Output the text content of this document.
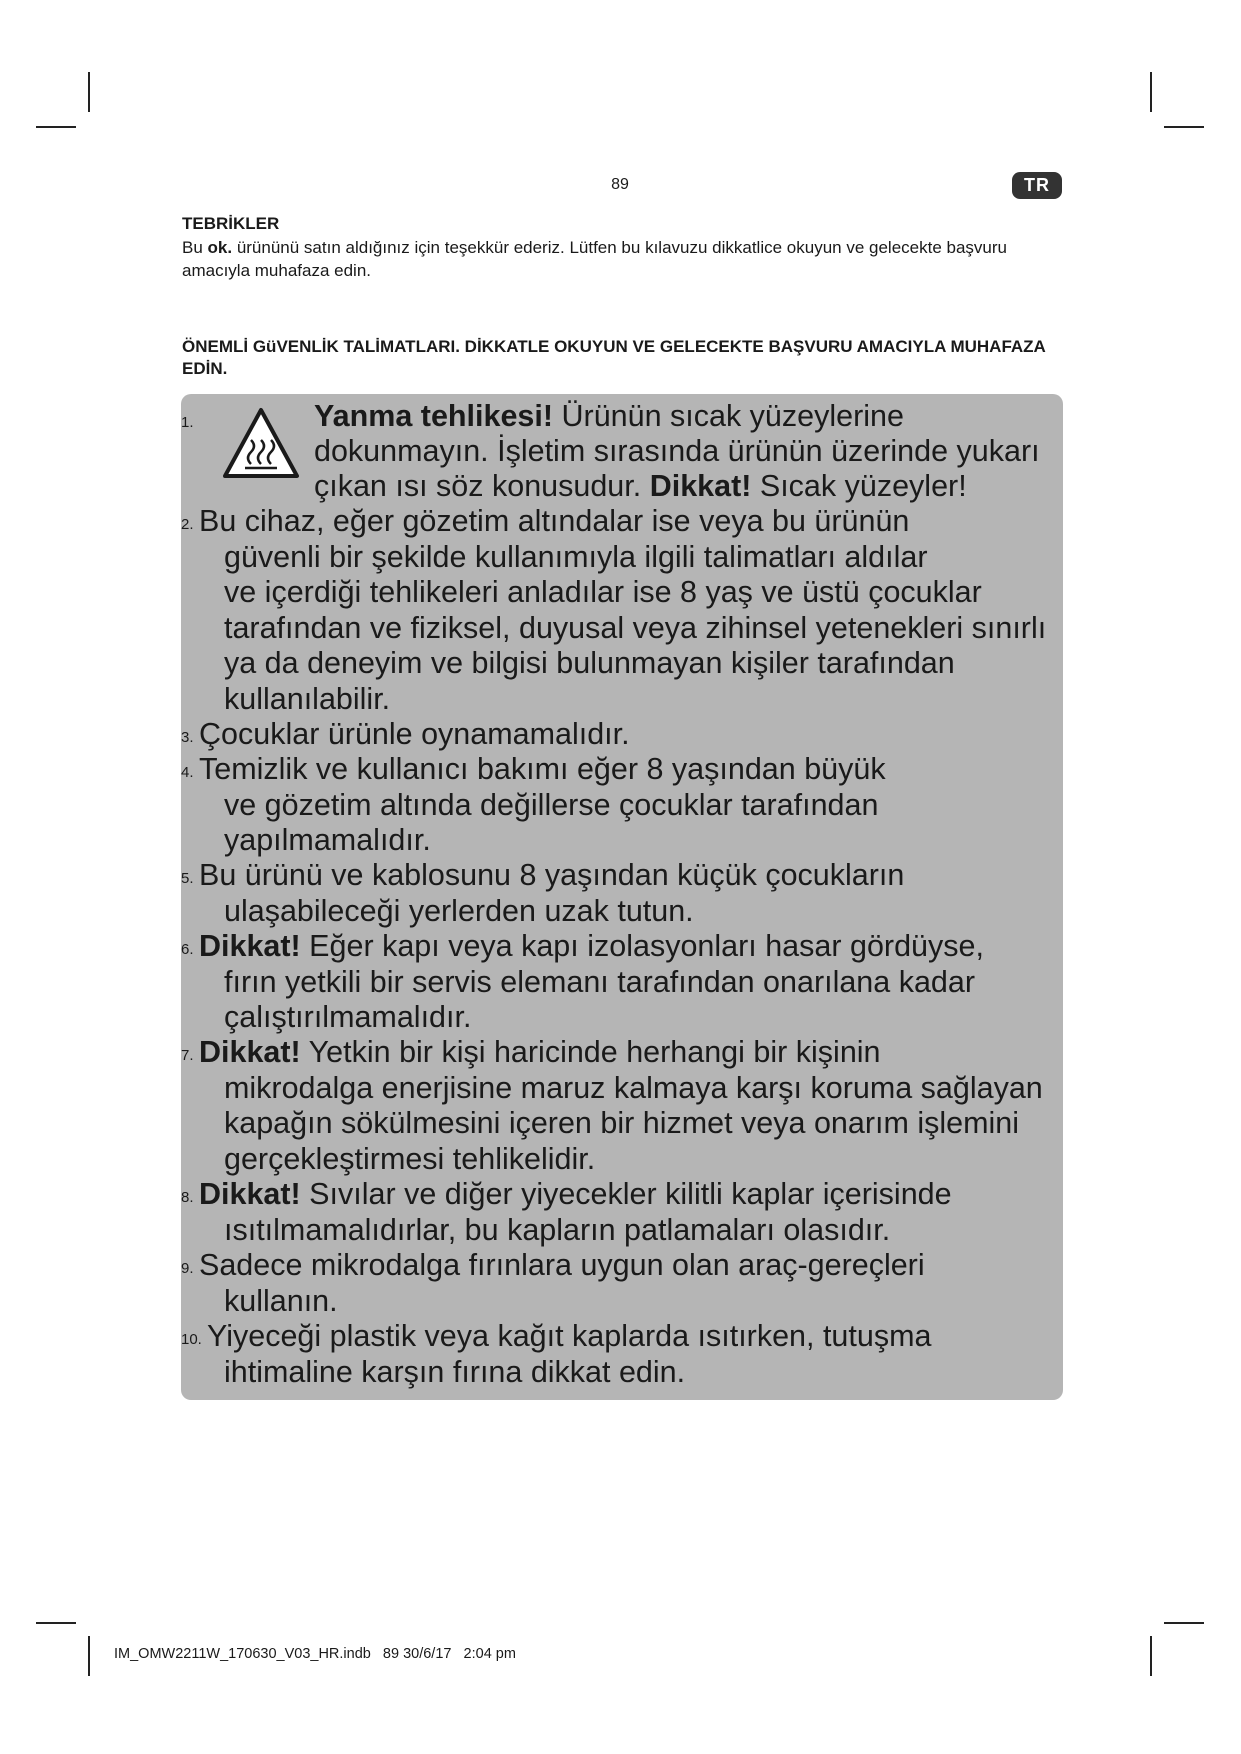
89	TR
TEBRİKLER
Bu ok. ürününü satın aldığınız için teşekkür ederiz. Lütfen bu kılavuzu dikkatlice okuyun ve gelecekte başvuru amacıyla muhafaza edin.
ÖNEMLİ GüVENLİK TALİMATLARI. DİKKATLE OKUYUN VE GELECEKTE BAŞVURU AMACIYLA MUHAFAZA EDİN.
1.	Yanma tehlikesi! Ürünün sıcak yüzeylerine
dokunmayın. İşletim sırasında ürünün üzerinde yukarı
çıkan ısı söz konusudur. Dikkat! Sıcak yüzeyler!
2. Bu cihaz, eğer gözetim altındalar ise veya bu ürünün
güvenli bir şekilde kullanımıyla ilgili talimatları aldılar
ve içerdiği tehlikeleri anladılar ise 8 yaş ve üstü çocuklar
tarafından ve fiziksel, duyusal veya zihinsel yetenekleri sınırlı
ya da deneyim ve bilgisi bulunmayan kişiler tarafından
kullanılabilir.
3. Çocuklar ürünle oynamamalıdır.
4. Temizlik ve kullanıcı bakımı eğer 8 yaşından büyük
ve gözetim altında değillerse çocuklar tarafından
yapılmamalıdır.
5. Bu ürünü ve kablosunu 8 yaşından küçük çocukların
ulaşabileceği yerlerden uzak tutun.
6. Dikkat! Eğer kapı veya kapı izolasyonları hasar gördüyse,
fırın yetkili bir servis elemanı tarafından onarılana kadar
çalıştırılmamalıdır.
7. Dikkat! Yetkin bir kişi haricinde herhangi bir kişinin
mikrodalga enerjisine maruz kalmaya karşı koruma sağlayan
kapağın sökülmesini içeren bir hizmet veya onarım işlemini
gerçekleştirmesi tehlikelidir.
8. Dikkat! Sıvılar ve diğer yiyecekler kilitli kaplar içerisinde
ısıtılmamalıdırlar, bu kapların patlamaları olasıdır.
9. Sadece mikrodalga fırınlara uygun olan araç-gereçleri
kullanın.
10. Yiyeceği plastik veya kağıt kaplarda ısıtırken, tutuşma
ihtimaline karşın fırına dikkat edin.
IM_OMW2211W_170630_V03_HR.indb   89 30/6/17   2:04 pm
